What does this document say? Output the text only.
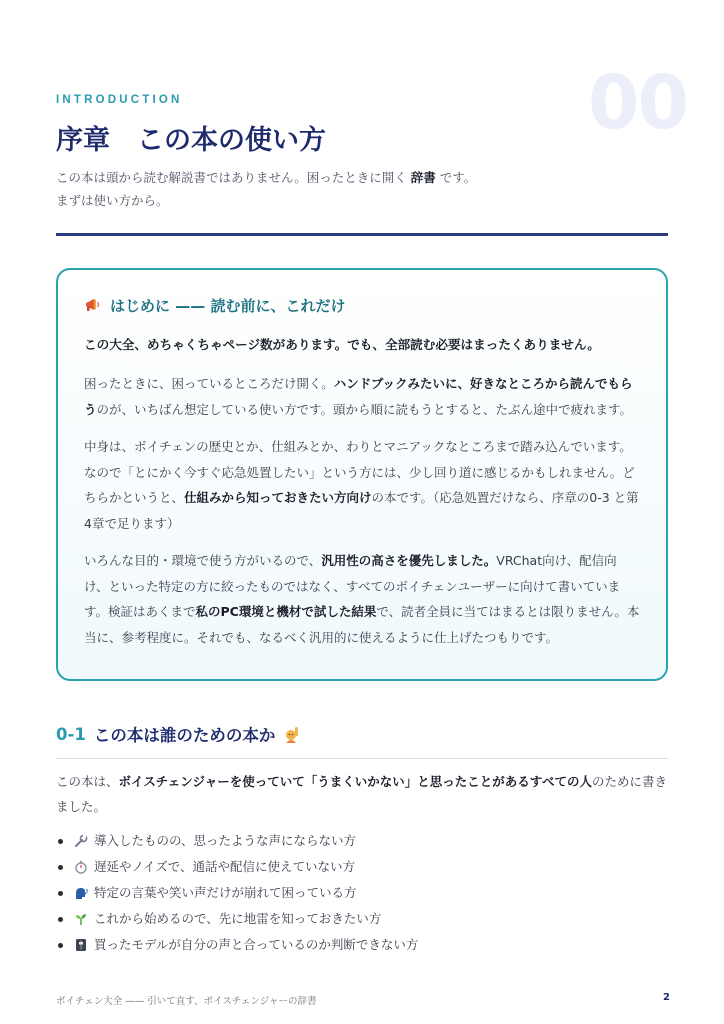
00
INTRODUCTION
序章　この本の使い方
この本は頭から読む解説書ではありません。困ったときに開く 辞書 です。
まずは使い方から。
はじめに —— 読む前に、これだけ
この大全、めちゃくちゃページ数があります。でも、全部読む必要はまったくありません。

困ったときに、困っているところだけ開く。ハンドブックみたいに、好きなところから読んでもらうのが、いちばん想定している使い方です。頭から順に読もうとすると、たぶん途中で疲れます。

中身は、ボイチェンの歴史とか、仕組みとか、わりとマニアックなところまで踏み込んでいます。なので「とにかく今すぐ応急処置したい」という方には、少し回り道に感じるかもしれません。どちらかというと、仕組みから知っておきたい方向けの本です。（応急処置だけなら、序章の0-3 と第4章で足ります）

いろんな目的・環境で使う方がいるので、汎用性の高さを優先しました。VRChat向け、配信向け、といった特定の方に絞ったものではなく、すべてのボイチェンユーザーに向けて書いています。検証はあくまで私のPC環境と機材で試した結果で、読者全員に当てはまるとは限りません。本当に、参考程度に。それでも、なるべく汎用的に使えるように仕上げたつもりです。

0-1 この本は誰のための本か
この本は、ボイスチェンジャーを使っていて「うまくいかない」と思ったことがあるすべての人のために書きました。
導入したものの、思ったような声にならない方
遅延やノイズで、通話や配信に使えていない方
特定の言葉や笑い声だけが崩れて困っている方
これから始めるので、先に地雷を知っておきたい方
買ったモデルが自分の声と合っているのか判断できない方
ボイチェン大全 —— 引いて直す、ボイスチェンジャーの辞書	2
